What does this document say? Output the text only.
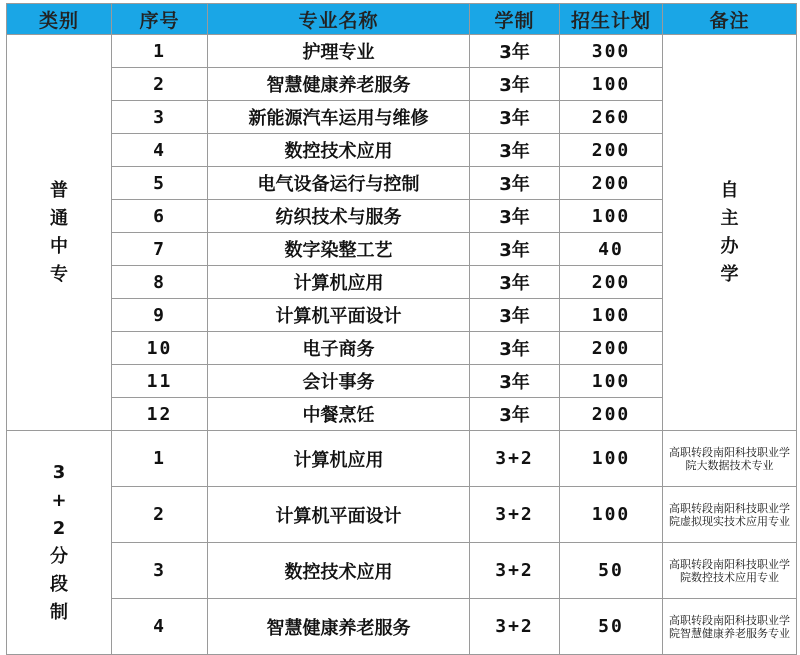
类别	序号	专业名称	学制	招生计划	备注
普通中专	1	护理专业	3年	300	自主办学
	2	智慧健康养老服务	3年	100	
	3	新能源汽车运用与维修	3年	260	
	4	数控技术应用	3年	200	
	5	电气设备运行与控制	3年	200	
	6	纺织技术与服务	3年	100	
	7	数字染整工艺	3年	40	
	8	计算机应用	3年	200	
	9	计算机平面设计	3年	100	
	10	电子商务	3年	200	
	11	会计事务	3年	100	
	12	中餐烹饪	3年	200	
3+2分段制	1	计算机应用	3+2	100	高职转段南阳科技职业学院大数据技术专业
	2	计算机平面设计	3+2	100	高职转段南阳科技职业学院虚拟现实技术应用专业
	3	数控技术应用	3+2	50	高职转段南阳科技职业学院数控技术应用专业
	4	智慧健康养老服务	3+2	50	高职转段南阳科技职业学院智慧健康养老服务专业
